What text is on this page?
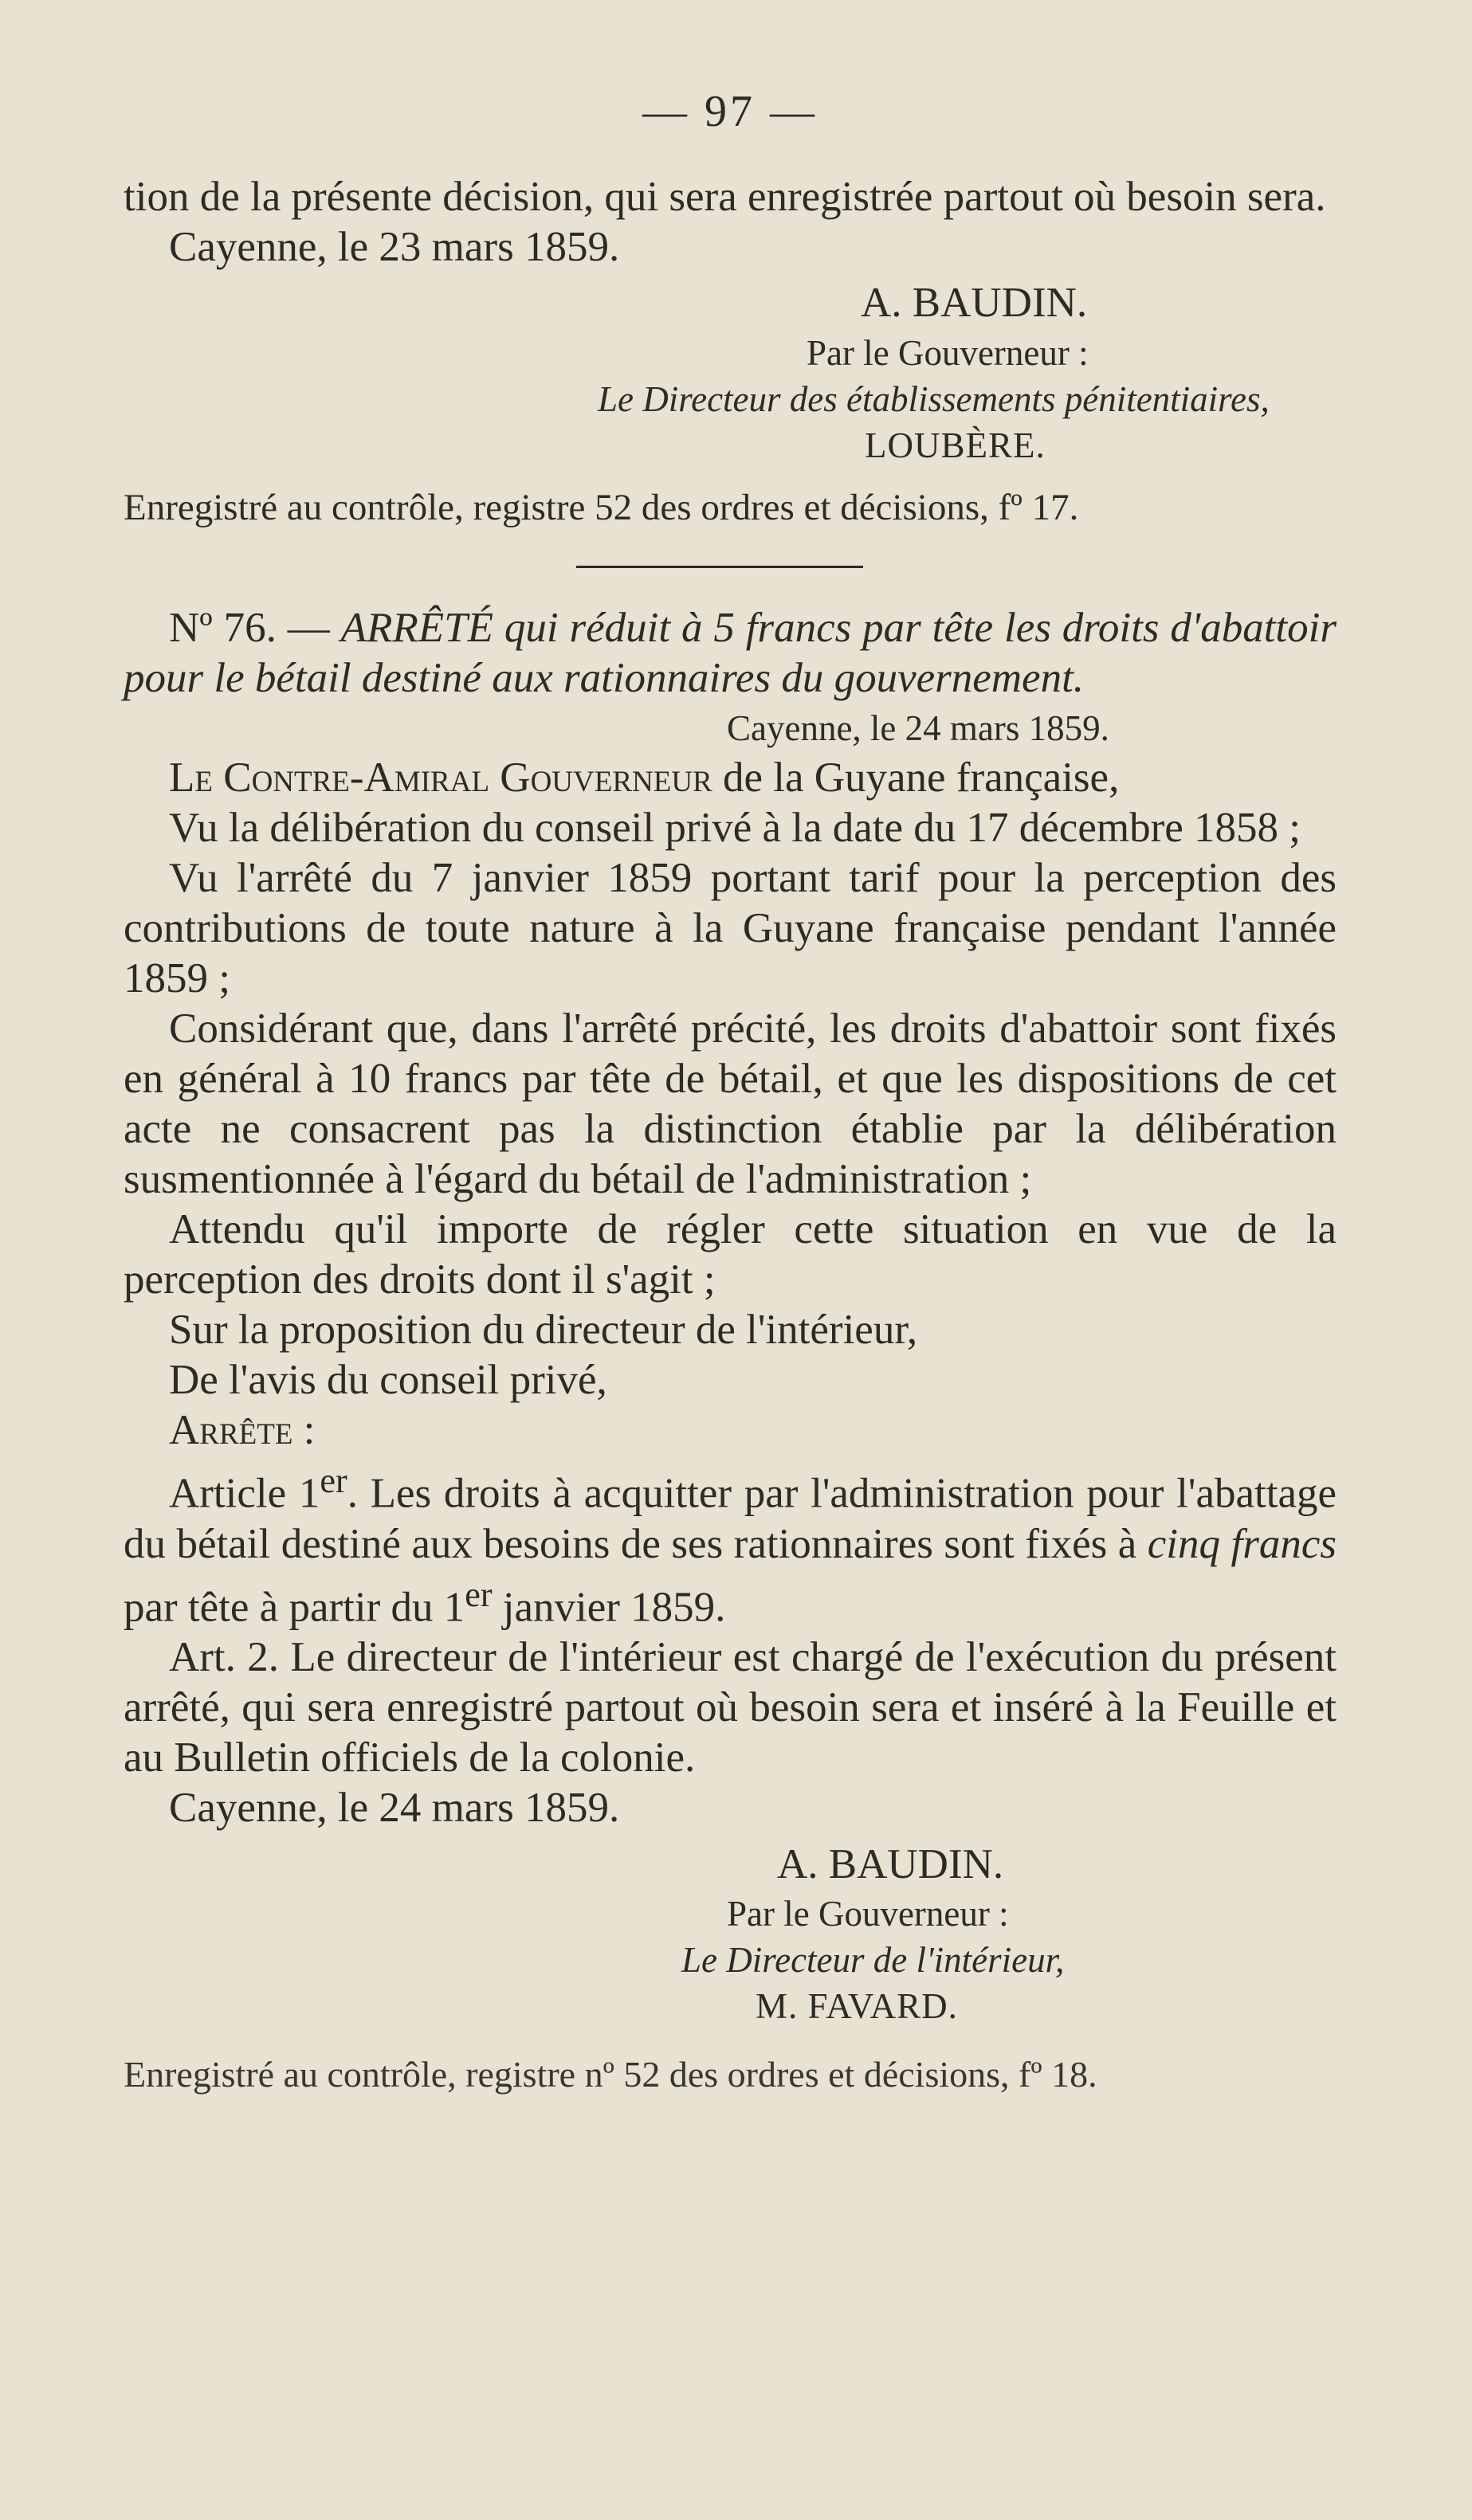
— 97 —

tion de la présente décision, qui sera enregistrée partout où besoin sera.

Cayenne, le 23 mars 1859.

A. BAUDIN.
Par le Gouverneur :
Le Directeur des établissements pénitentiaires,
LOUBÈRE.

Enregistré au contrôle, registre 52 des ordres et décisions, fº 17.

Nº 76. — ARRÊTÉ qui réduit à 5 francs par tête les droits d'abattoir pour le bétail destiné aux rationnaires du gouvernement.

Cayenne, le 24 mars 1859.

Le Contre-Amiral Gouverneur de la Guyane française,

Vu la délibération du conseil privé à la date du 17 décembre 1858 ;

Vu l'arrêté du 7 janvier 1859 portant tarif pour la perception des contributions de toute nature à la Guyane française pendant l'année 1859 ;

Considérant que, dans l'arrêté précité, les droits d'abattoir sont fixés en général à 10 francs par tête de bétail, et que les dispositions de cet acte ne consacrent pas la distinction établie par la délibération susmentionnée à l'égard du bétail de l'administration ;

Attendu qu'il importe de régler cette situation en vue de la perception des droits dont il s'agit ;

Sur la proposition du directeur de l'intérieur,

De l'avis du conseil privé,

Arrête :

Article 1er. Les droits à acquitter par l'administration pour l'abattage du bétail destiné aux besoins de ses rationnaires sont fixés à cinq francs par tête à partir du 1er janvier 1859.

Art. 2. Le directeur de l'intérieur est chargé de l'exécution du présent arrêté, qui sera enregistré partout où besoin sera et inséré à la Feuille et au Bulletin officiels de la colonie.

Cayenne, le 24 mars 1859.

A. BAUDIN.
Par le Gouverneur :
Le Directeur de l'intérieur,
M. FAVARD.

Enregistré au contrôle, registre nº 52 des ordres et décisions, fº 18.
